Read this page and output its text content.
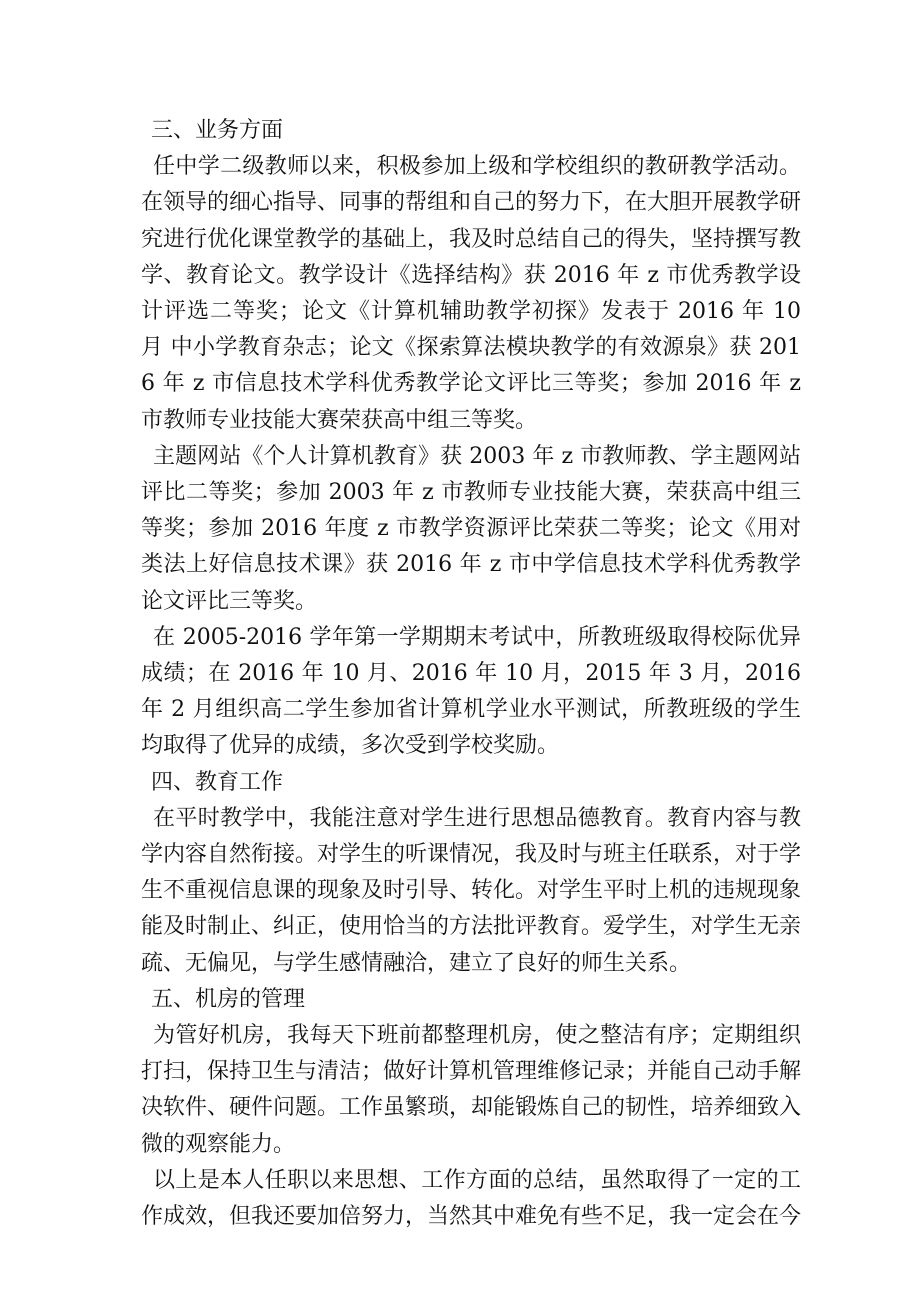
三、业务方面

任中学二级教师以来，积极参加上级和学校组织的教研教学活动。在领导的细心指导、同事的帮组和自己的努力下，在大胆开展教学研究进行优化课堂教学的基础上，我及时总结自己的得失，坚持撰写教学、教育论文。教学设计《选择结构》获 2016 年 z 市优秀教学设计评选二等奖；论文《计算机辅助教学初探》发表于 2016 年 10 月 中小学教育杂志；论文《探索算法模块教学的有效源泉》获 2016 年 z 市信息技术学科优秀教学论文评比三等奖；参加 2016 年 z 市教师专业技能大赛荣获高中组三等奖。

主题网站《个人计算机教育》获 2003 年 z 市教师教、学主题网站评比二等奖；参加 2003 年 z 市教师专业技能大赛，荣获高中组三等奖；参加 2016 年度 z 市教学资源评比荣获二等奖；论文《用对类法上好信息技术课》获 2016 年 z 市中学信息技术学科优秀教学论文评比三等奖。

在 2005-2016 学年第一学期期末考试中，所教班级取得校际优异成绩；在 2016 年 10 月、2016 年 10 月，2015 年 3 月，2016 年 2 月组织高二学生参加省计算机学业水平测试，所教班级的学生均取得了优异的成绩，多次受到学校奖励。

四、教育工作

在平时教学中，我能注意对学生进行思想品德教育。教育内容与教学内容自然衔接。对学生的听课情况，我及时与班主任联系，对于学生不重视信息课的现象及时引导、转化。对学生平时上机的违规现象能及时制止、纠正，使用恰当的方法批评教育。爱学生，对学生无亲疏、无偏见，与学生感情融洽，建立了良好的师生关系。

五、机房的管理

为管好机房，我每天下班前都整理机房，使之整洁有序；定期组织打扫，保持卫生与清洁；做好计算机管理维修记录；并能自己动手解决软件、硬件问题。工作虽繁琐，却能锻炼自己的韧性，培养细致入微的观察能力。

以上是本人任职以来思想、工作方面的总结，虽然取得了一定的工作成效，但我还要加倍努力，当然其中难免有些不足，我一定会在今
